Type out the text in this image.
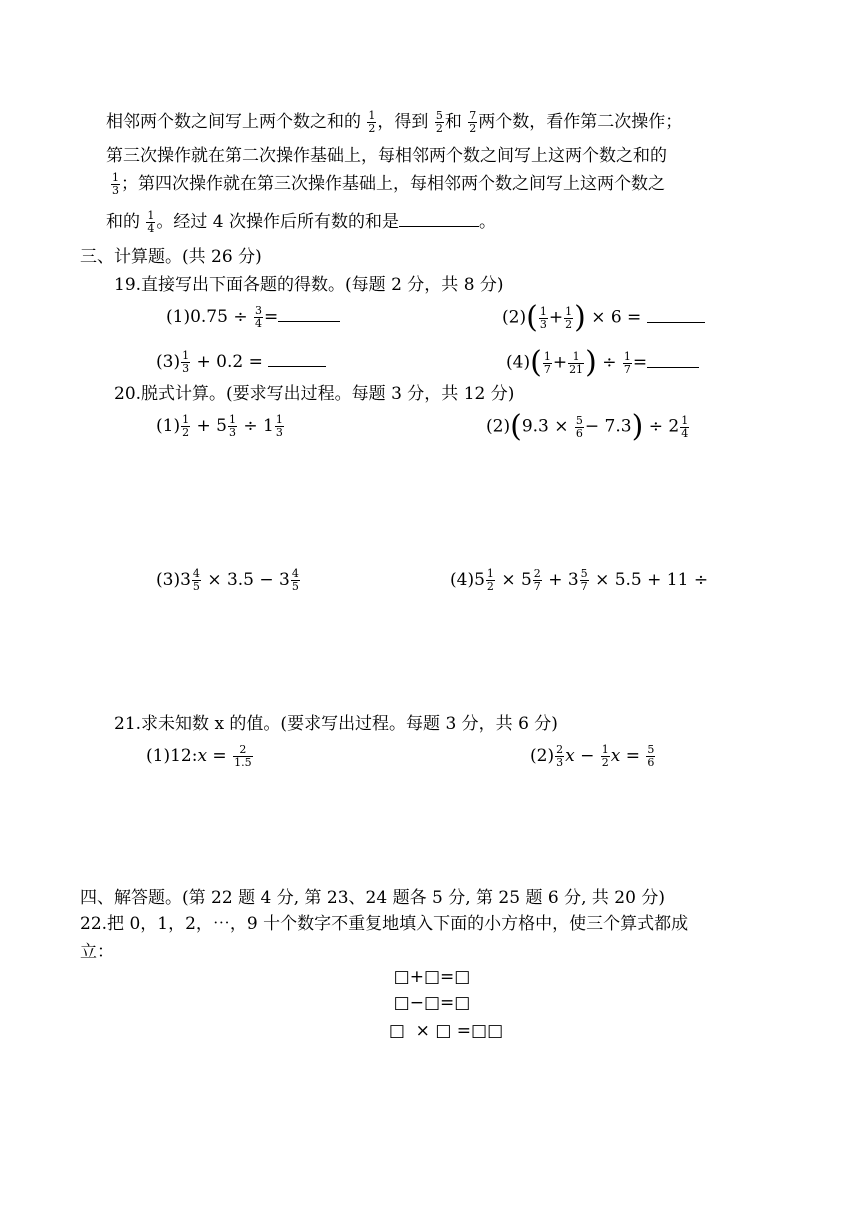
相邻两个数之间写上两个数之和的 $\frac{1}{2}$ ，得到 $\frac{5}{2}$ 和 $\frac{7}{2}$ 两个数，看作第二次操作；
第三次操作就在第二次操作基础上，每相邻两个数之间写上这两个数之和的
$\frac{1}{3}$ ；第四次操作就在第三次操作基础上，每相邻两个数之间写上这两个数之
和的 $\frac{1}{4}$ 。经过 4 次操作后所有数的和是	。
三、计算题。(共 26 分)
19.直接写出下面各题的得数。(每题 2 分，共 8 分)
$(1)0.75 \div \frac{3}{4}$ =	$(2)( \frac{1}{3} + \frac{1}{2}$ ) × 6 =
$(3) \frac{1}{3} + 0.2$ =	$(4)( \frac{1}{7} + \frac{1}{21}$ ) ÷ $\frac{1}{7}$ =
20.脱式计算。(要求写出过程。每题 3 分，共 12 分)
$(1) \frac{1}{2} + 5 \frac{1}{3} \div 1 \frac{1}{3}$	$(2)(9.3 \times \frac{5}{6} - 7.3) \div 2 \frac{1}{4}$
$(3)3 \frac{4}{5} \times 3.5 - 3 \frac{4}{5}$	$(4)5 \frac{1}{2} \times 5 \frac{2}{7} + 3 \frac{5}{7} \times 5.5 + 11$ ÷
21.求未知数 x 的值。(要求写出过程。每题 3 分，共 6 分)
(1)12:𝑥 = $\frac{2}{1.5}$	$(2) \frac{2}{3}$ 𝑥 − $\frac{1}{2}$ 𝑥 = $\frac{5}{6}$
四、解答题。(第 22 题 4 分, 第 23、24 题各 5 分, 第 25 题 6 分, 共 20 分)
22.把 0，1，2，⋯，9 十个数字不重复地填入下面的小方格中，使三个算式都成
立：
□+□=□
□−□=□
□  × □ =□□
